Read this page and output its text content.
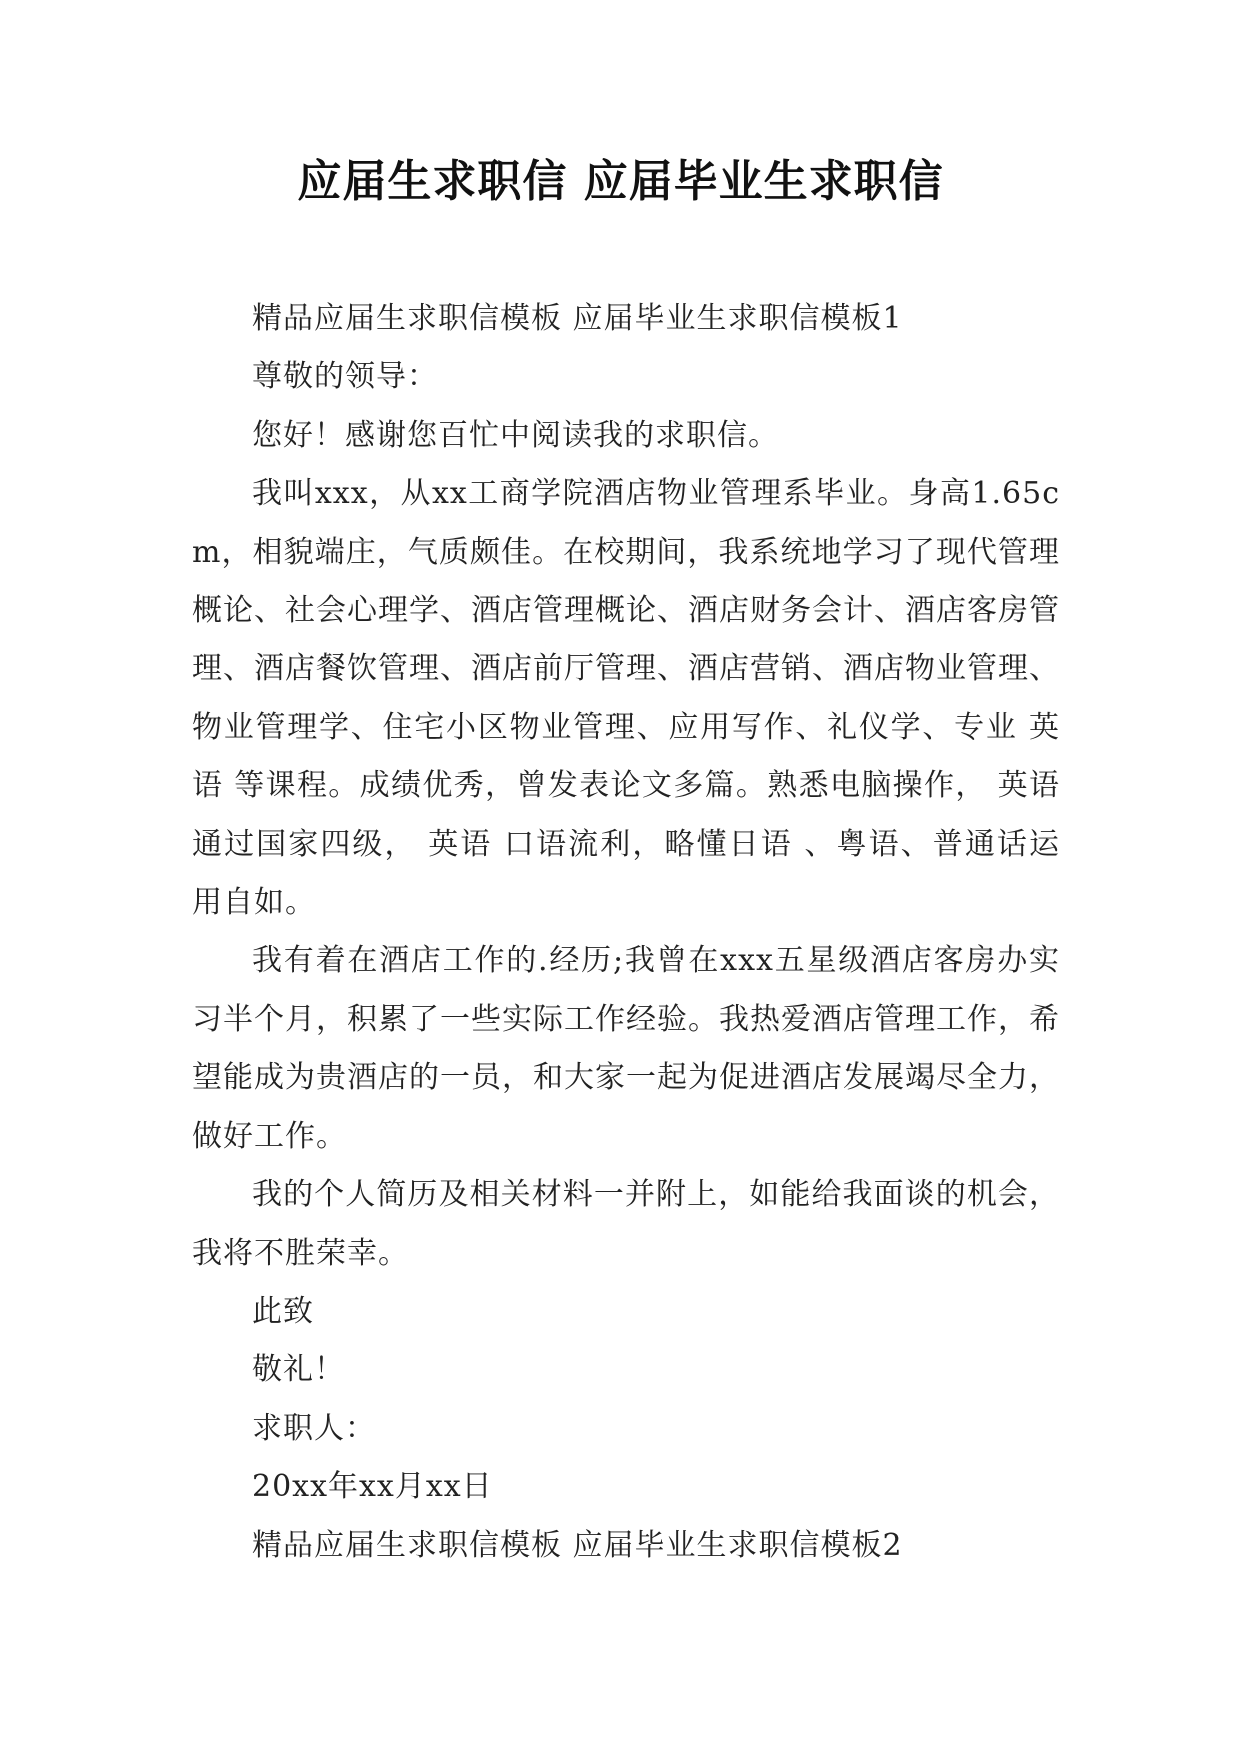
应届生求职信 应届毕业生求职信

精品应届生求职信模板 应届毕业生求职信模板1

尊敬的领导：

您好！感谢您百忙中阅读我的求职信。

我叫xxx，从xx工商学院酒店物业管理系毕业。身高1.65cm，相貌端庄，气质颇佳。在校期间，我系统地学习了现代管理概论、社会心理学、酒店管理概论、酒店财务会计、酒店客房管理、酒店餐饮管理、酒店前厅管理、酒店营销、酒店物业管理、物业管理学、住宅小区物业管理、应用写作、礼仪学、专业 英语 等课程。成绩优秀，曾发表论文多篇。熟悉电脑操作， 英语 通过国家四级， 英语 口语流利，略懂日语 、粤语、普通话运用自如。

我有着在酒店工作的.经历;我曾在xxx五星级酒店客房办实习半个月，积累了一些实际工作经验。我热爱酒店管理工作，希望能成为贵酒店的一员，和大家一起为促进酒店发展竭尽全力，做好工作。

我的个人简历及相关材料一并附上，如能给我面谈的机会，我将不胜荣幸。

此致

敬礼！

求职人：

20xx年xx月xx日

精品应届生求职信模板 应届毕业生求职信模板2
